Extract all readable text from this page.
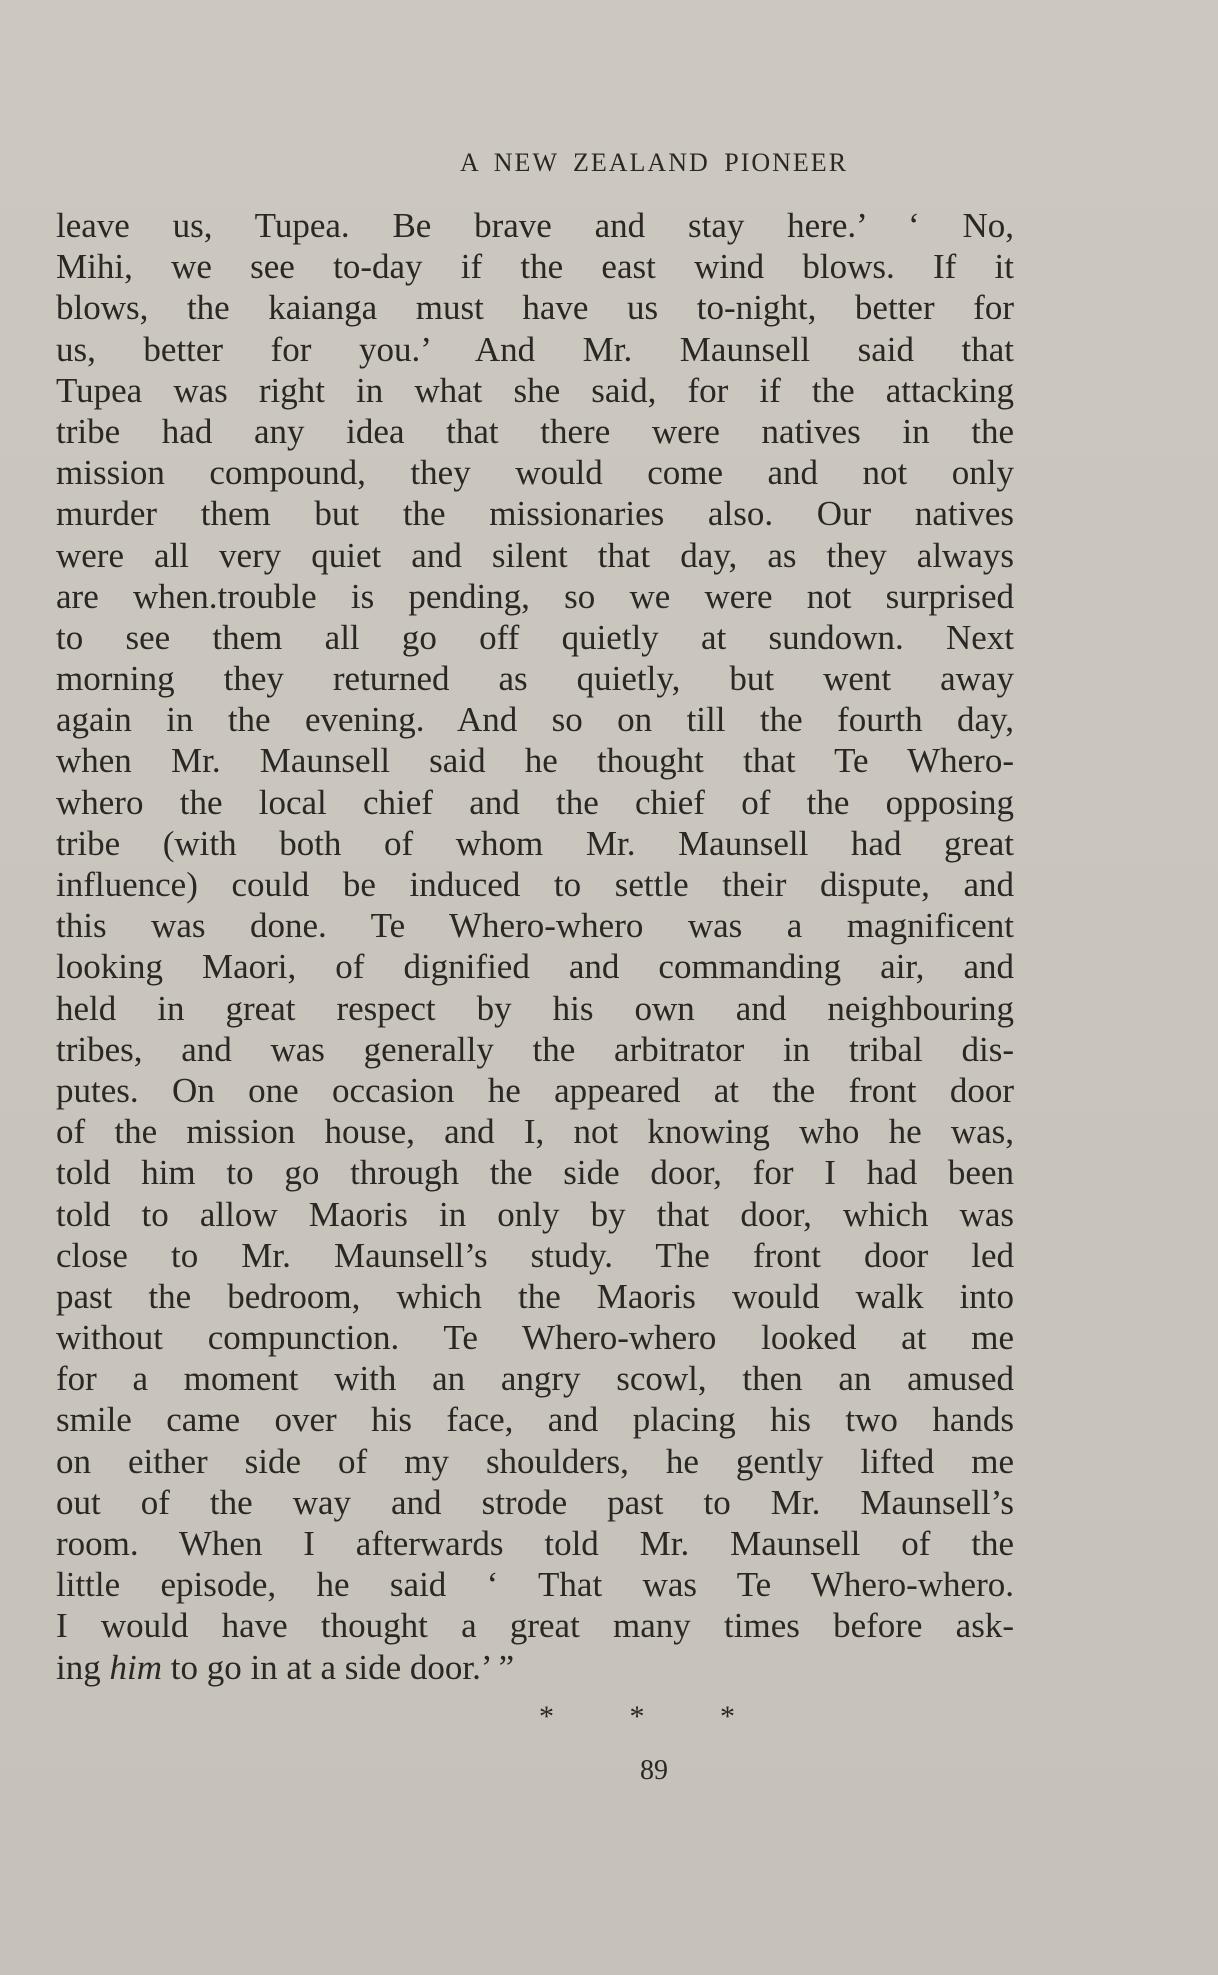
A NEW ZEALAND PIONEER
leave us, Tupea. Be brave and stay here.’ ‘ No,
Mihi, we see to-day if the east wind blows. If it
blows, the kaianga must have us to-night, better for
us, better for you.’ And Mr. Maunsell said that
Tupea was right in what she said, for if the attacking
tribe had any idea that there were natives in the
mission compound, they would come and not only
murder them but the missionaries also. Our natives
were all very quiet and silent that day, as they always
are when.trouble is pending, so we were not surprised
to see them all go off quietly at sundown. Next
morning they returned as quietly, but went away
again in the evening. And so on till the fourth day,
when Mr. Maunsell said he thought that Te Whero-
whero the local chief and the chief of the opposing
tribe (with both of whom Mr. Maunsell had great
influence) could be induced to settle their dispute, and
this was done. Te Whero-whero was a magnificent
looking Maori, of dignified and commanding air, and
held in great respect by his own and neighbouring
tribes, and was generally the arbitrator in tribal dis-
putes. On one occasion he appeared at the front door
of the mission house, and I, not knowing who he was,
told him to go through the side door, for I had been
told to allow Maoris in only by that door, which was
close to Mr. Maunsell’s study. The front door led
past the bedroom, which the Maoris would walk into
without compunction. Te Whero-whero looked at me
for a moment with an angry scowl, then an amused
smile came over his face, and placing his two hands
on either side of my shoulders, he gently lifted me
out of the way and strode past to Mr. Maunsell’s
room. When I afterwards told Mr. Maunsell of the
little episode, he said ‘ That was Te Whero-whero.
I would have thought a great many times before ask-
ing him to go in at a side door.’ ”
* * *
89
